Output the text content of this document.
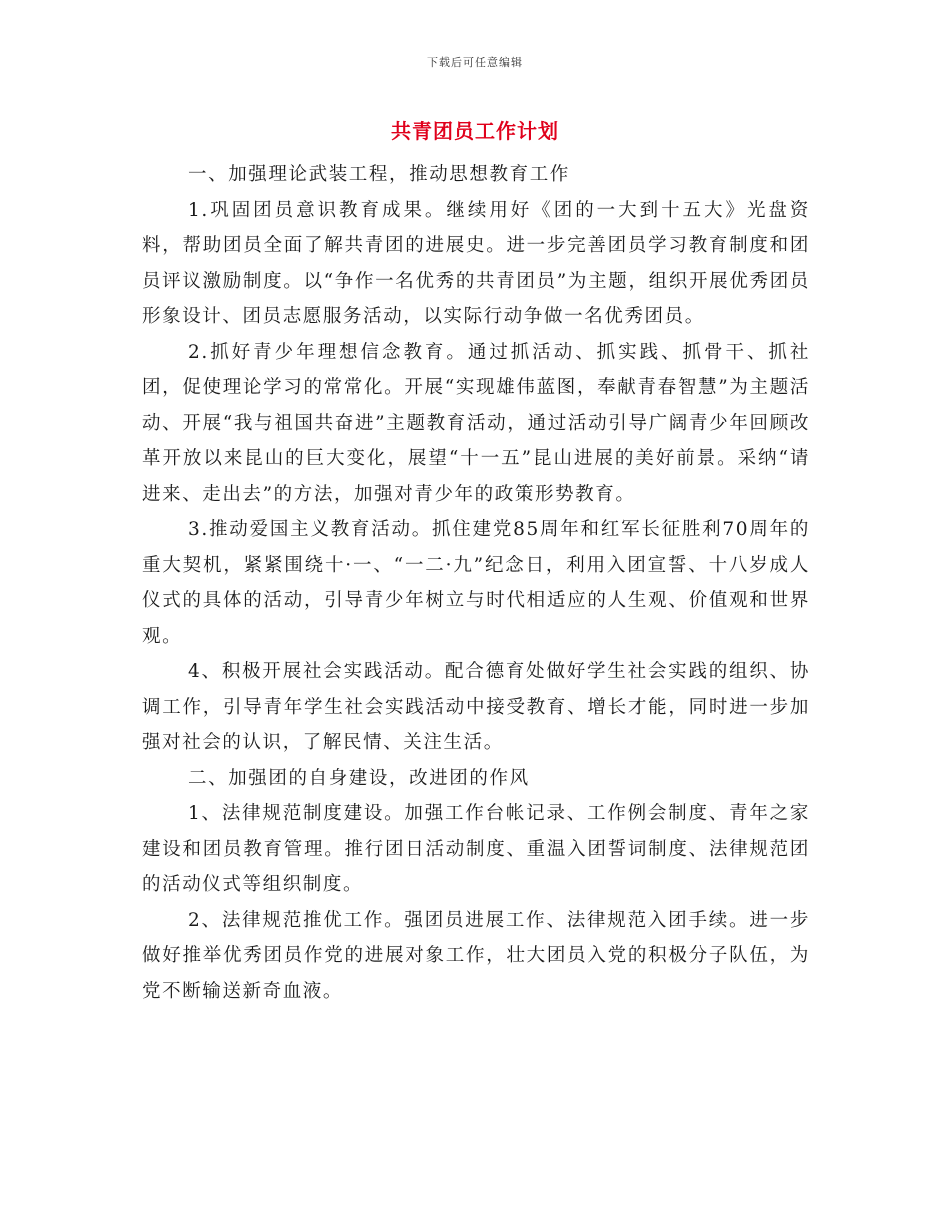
下载后可任意编辑
共青团员工作计划

一、加强理论武装工程，推动思想教育工作

1.巩固团员意识教育成果。继续用好《团的一大到十五大》光盘资料，帮助团员全面了解共青团的进展史。进一步完善团员学习教育制度和团员评议激励制度。以“争作一名优秀的共青团员”为主题，组织开展优秀团员形象设计、团员志愿服务活动，以实际行动争做一名优秀团员。

2.抓好青少年理想信念教育。通过抓活动、抓实践、抓骨干、抓社团，促使理论学习的常常化。开展“实现雄伟蓝图，奉献青春智慧”为主题活动、开展“我与祖国共奋进”主题教育活动，通过活动引导广阔青少年回顾改革开放以来昆山的巨大变化，展望“十一五”昆山进展的美好前景。采纳“请进来、走出去”的方法，加强对青少年的政策形势教育。

3.推动爱国主义教育活动。抓住建党85周年和红军长征胜利70周年的重大契机，紧紧围绕十·一、“一二·九”纪念日，利用入团宣誓、十八岁成人仪式的具体的活动，引导青少年树立与时代相适应的人生观、价值观和世界观。

4、积极开展社会实践活动。配合德育处做好学生社会实践的组织、协调工作，引导青年学生社会实践活动中接受教育、增长才能，同时进一步加强对社会的认识，了解民情、关注生活。

二、加强团的自身建设，改进团的作风

1、法律规范制度建设。加强工作台帐记录、工作例会制度、青年之家建设和团员教育管理。推行团日活动制度、重温入团誓词制度、法律规范团的活动仪式等组织制度。

2、法律规范推优工作。强团员进展工作、法律规范入团手续。进一步做好推举优秀团员作党的进展对象工作，壮大团员入党的积极分子队伍，为党不断输送新奇血液。
